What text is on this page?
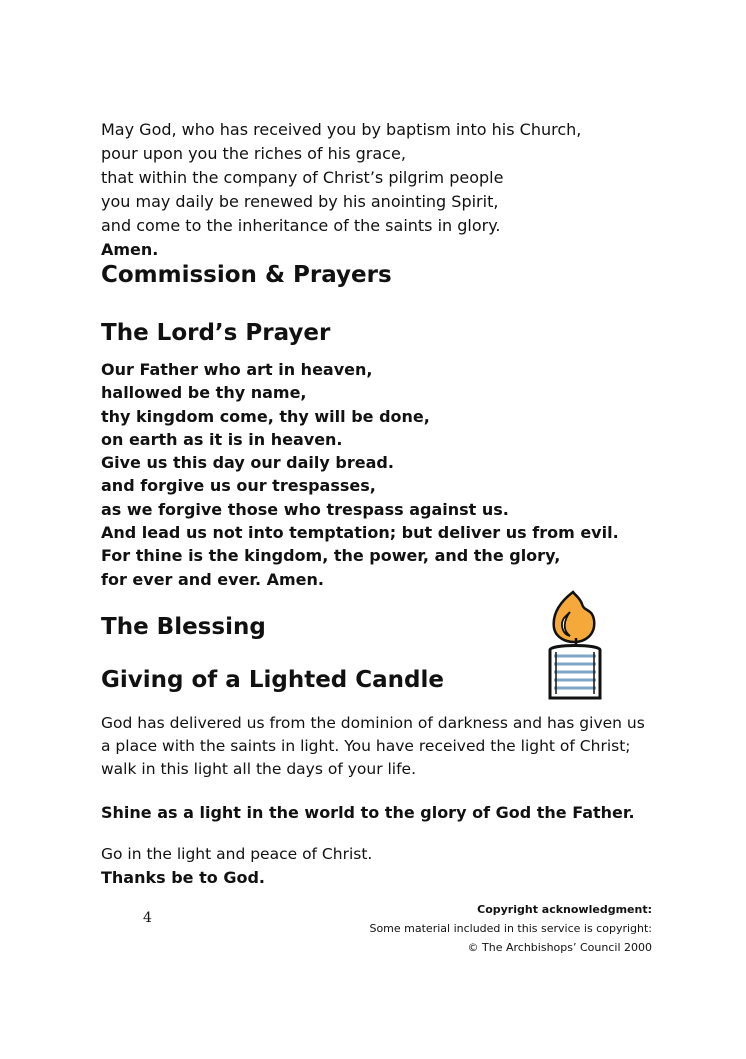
May God, who has received you by baptism into his Church,
pour upon you the riches of his grace,
that within the company of Christ’s pilgrim people
you may daily be renewed by his anointing Spirit,
and come to the inheritance of the saints in glory.
Amen.

Commission & Prayers
The Lord’s Prayer
Our Father who art in heaven,
hallowed be thy name,
thy kingdom come, thy will be done,
on earth as it is in heaven.
Give us this day our daily bread.
and forgive us our trespasses,
as we forgive those who trespass against us.
And lead us not into temptation; but deliver us from evil.
For thine is the kingdom, the power, and the glory,
for ever and ever. Amen.
The Blessing
Giving of a Lighted Candle
God has delivered us from the dominion of darkness and has given us
a place with the saints in light. You have received the light of Christ;
walk in this light all the days of your life.
Shine as a light in the world to the glory of God the Father.
Go in the light and peace of Christ.
Thanks be to God.
4
Copyright acknowledgment:
Some material included in this service is copyright:
© The Archbishops’ Council 2000
